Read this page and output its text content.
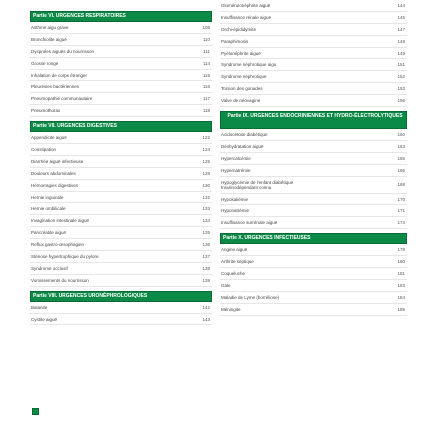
Partie VI. URGENCES RESPIRATOIRES
Asthme aigu grave	108
Bronchiolite aiguë	110
Dyspnées aiguës du nourrisson	111
Grosse ronge	114
Inhalation de corps étranger	115
Pleurésies bactériennes	116
Pneumopathie communautaire	117
Pneumothorax	118
Partie VII. URGENCES DIGESTIVES
Appendicite aiguë	122
Constipation	124
Diarrhée aiguë infectieuse	125
Douleurs abdominales	128
Hémorragies digestives	130
Hernie inguinale	132
Hernie ombilicale	133
Invagination intestinale aiguë	134
Pancréatite aiguë	135
Reflux gastro-œsophagien	136
Sténose hypertrophique du pylore	137
Syndrome occlusif	138
Vomissements du nourrisson	139
Partie VIII. URGENCES URONÉPHROLOGIQUES
Balanite	142
Cystite aiguë	143
Glomérulonéphrite aiguë	144
Insuffisance rénale aiguë	145
Orchi-épididymite	147
Paraphimosis	148
Pyélonéphrite aiguë	149
Syndrome néphrotique aigu	151
Syndrome néphrotique	152
Torsion des gonades	153
Valve de néovagine	156
Partie IX. URGENCES ENDOCRINIENNES ET HYDRO-ÉLECTROLYTIQUES
Acidocétose diabétique	160
Déshydratation aiguë	163
Hypercalcémie	165
Hypernatrémie	166
Hypoglycémie de l'enfant diabétique
Insulinodépendant connu	168
Hypokaliémie	170
Hyponatrémie	171
Insuffisance surrénale aiguë	174
Partie X. URGENCES INFECTIEUSES
Angine aiguë	178
Arthrite septique	180
Coqueluche	181
Gale	183
Maladie de Lyme (borréliose)	184
Méningite	185
